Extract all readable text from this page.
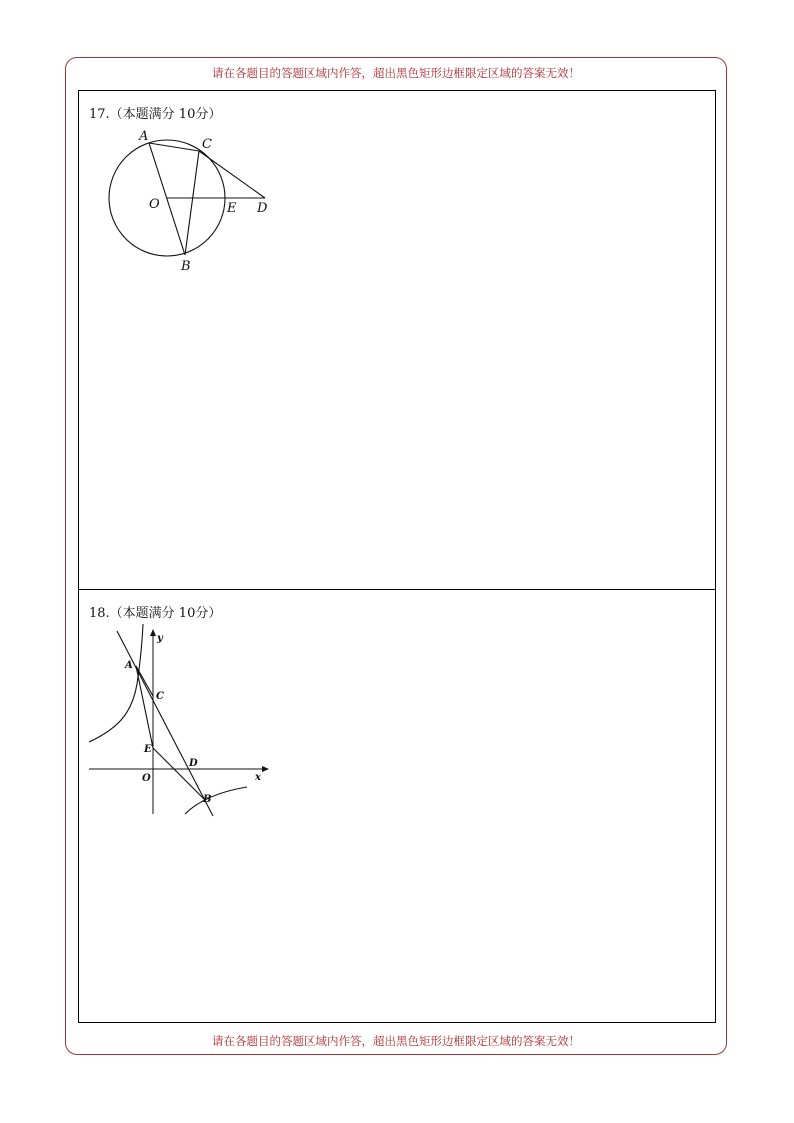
请在各题目的答题区域内作答，超出黑色矩形边框限定区域的答案无效！
17.（本题满分 10分）
A
C
O	E D
B
18.（本题满分 10分）
y
x
A
C
E
D
O
B
请在各题目的答题区域内作答，超出黑色矩形边框限定区域的答案无效！
